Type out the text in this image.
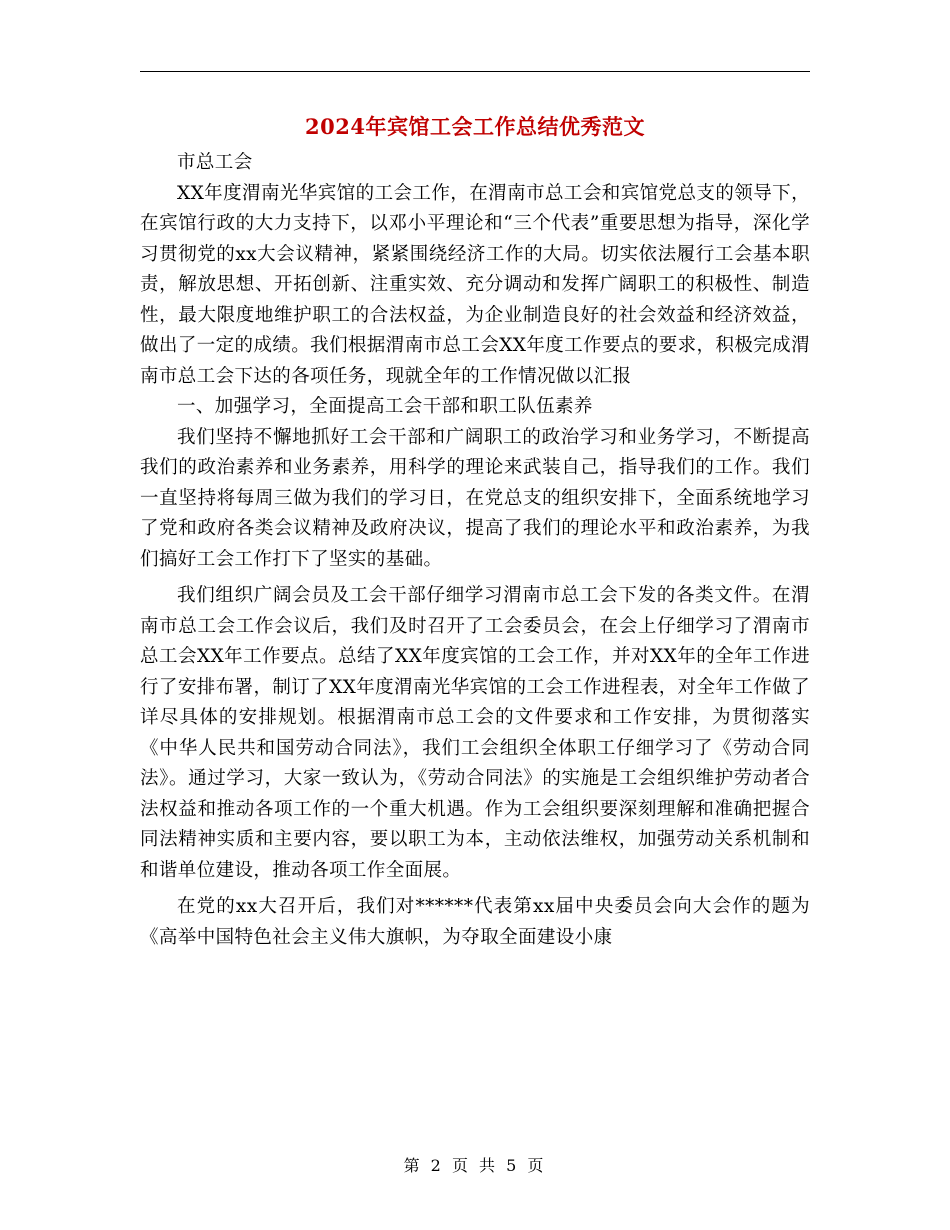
2024年宾馆工会工作总结优秀范文

市总工会

XX年度渭南光华宾馆的工会工作，在渭南市总工会和宾馆党总支的领导下，在宾馆行政的大力支持下，以邓小平理论和“三个代表”重要思想为指导，深化学习贯彻党的xx大会议精神，紧紧围绕经济工作的大局。切实依法履行工会基本职责，解放思想、开拓创新、注重实效、充分调动和发挥广阔职工的积极性、制造性，最大限度地维护职工的合法权益，为企业制造良好的社会效益和经济效益，做出了一定的成绩。我们根据渭南市总工会XX年度工作要点的要求，积极完成渭南市总工会下达的各项任务，现就全年的工作情况做以汇报

一、加强学习，全面提高工会干部和职工队伍素养

我们坚持不懈地抓好工会干部和广阔职工的政治学习和业务学习，不断提高我们的政治素养和业务素养，用科学的理论来武装自己，指导我们的工作。我们一直坚持将每周三做为我们的学习日，在党总支的组织安排下，全面系统地学习了党和政府各类会议精神及政府决议，提高了我们的理论水平和政治素养，为我们搞好工会工作打下了坚实的基础。

我们组织广阔会员及工会干部仔细学习渭南市总工会下发的各类文件。在渭南市总工会工作会议后，我们及时召开了工会委员会，在会上仔细学习了渭南市总工会XX年工作要点。总结了XX年度宾馆的工会工作，并对XX年的全年工作进行了安排布署，制订了XX年度渭南光华宾馆的工会工作进程表，对全年工作做了详尽具体的安排规划。根据渭南市总工会的文件要求和工作安排，为贯彻落实《中华人民共和国劳动合同法》，我们工会组织全体职工仔细学习了《劳动合同法》。通过学习，大家一致认为，《劳动合同法》的实施是工会组织维护劳动者合法权益和推动各项工作的一个重大机遇。作为工会组织要深刻理解和准确把握合同法精神实质和主要内容，要以职工为本，主动依法维权，加强劳动关系机制和和谐单位建设，推动各项工作全面展。

在党的xx大召开后，我们对******代表第xx届中央委员会向大会作的题为《高举中国特色社会主义伟大旗帜，为夺取全面建设小康

第 2 页 共 5 页
